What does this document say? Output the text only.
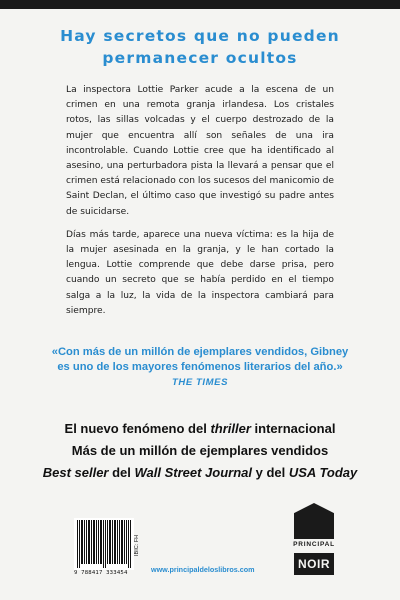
Hay secretos que no pueden
permanecer ocultos

La inspectora Lottie Parker acude a la escena de un crimen en una remota granja irlandesa. Los cristales rotos, las sillas volcadas y el cuerpo destrozado de la mujer que encuentra allí son señales de una ira incontrolable. Cuando Lottie cree que ha identificado al asesino, una perturbadora pista la llevará a pensar que el crimen está relacionado con los sucesos del manicomio de Saint Declan, el último caso que investigó su padre antes de suicidarse.

Días más tarde, aparece una nueva víctima: es la hija de la mujer asesinada en la granja, y le han cortado la lengua. Lottie comprende que debe darse prisa, pero cuando un secreto que se había perdido en el tiempo salga a la luz, la vida de la inspectora cambiará para siempre.

«Con más de un millón de ejemplares vendidos, Gibney
es uno de los mayores fenómenos literarios del año.»
THE TIMES
El nuevo fenómeno del thriller internacional
Más de un millón de ejemplares vendidos
Best seller del Wall Street Journal y del USA Today
9 788417 333454
IBIC: FH
www.principaldeloslibros.com
PRINCIPAL
NOIR
